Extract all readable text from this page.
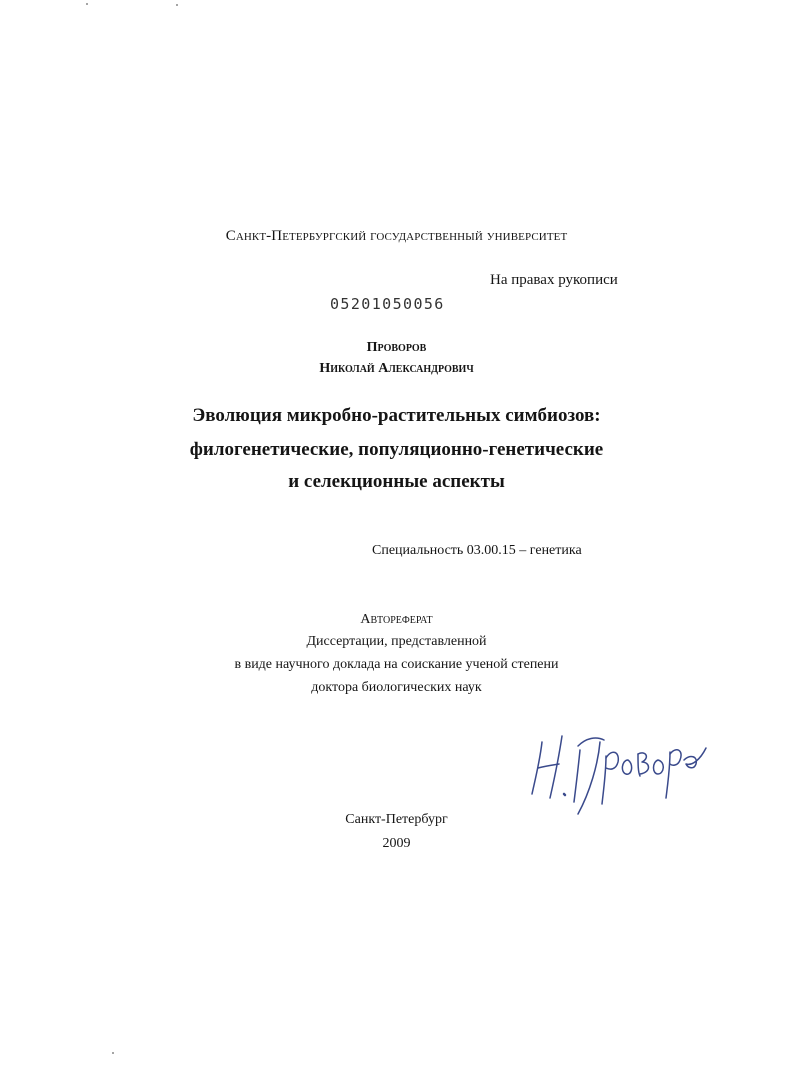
Санкт-Петербургский государственный университет
На правах рукописи
05201050056
Проворов
Николай Александрович
Эволюция микробно-растительных симбиозов:
филогенетические, популяционно-генетические
и селекционные аспекты
Специальность 03.00.15 – генетика
Автореферат
Диссертации, представленной
в виде научного доклада на соискание ученой степени
доктора биологических наук
Санкт-Петербург
2009
